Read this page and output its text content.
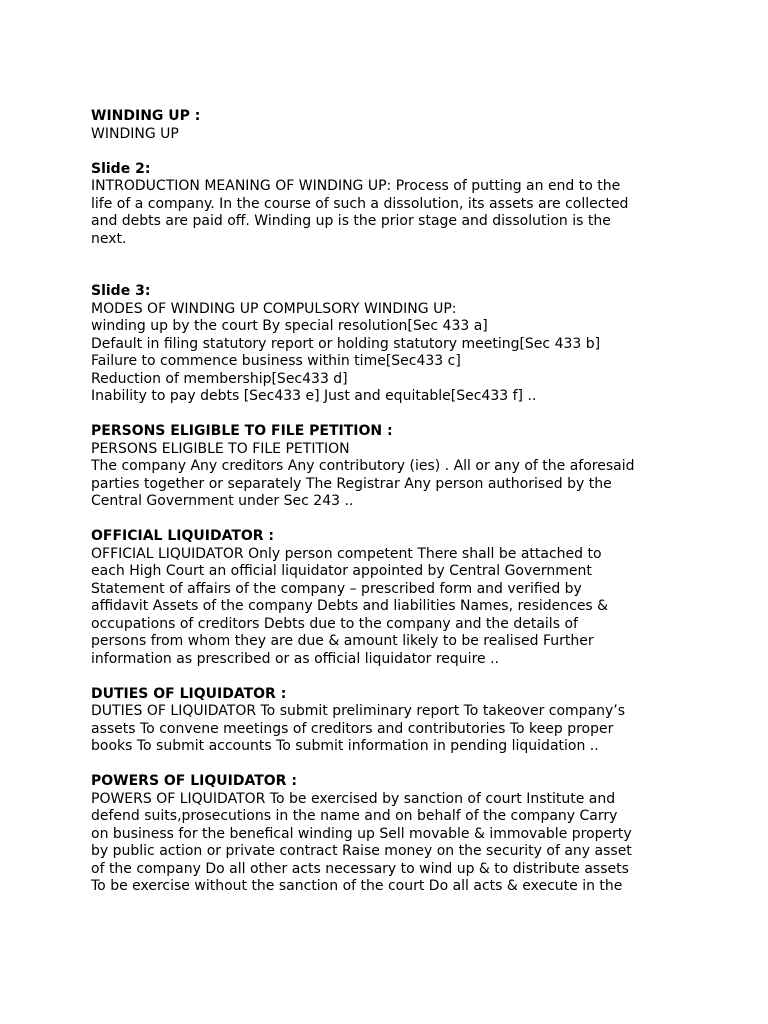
WINDING UP :
WINDING UP
Slide 2:
INTRODUCTION MEANING OF WINDING UP: Process of putting an end to the
life of a company. In the course of such a dissolution, its assets are collected
and debts are paid off. Winding up is the prior stage and dissolution is the
next.
Slide 3:
MODES OF WINDING UP COMPULSORY WINDING UP:
winding up by the court By special resolution[Sec 433 a]
Default in filing statutory report or holding statutory meeting[Sec 433 b]
Failure to commence business within time[Sec433 c]
Reduction of membership[Sec433 d]
Inability to pay debts [Sec433 e] Just and equitable[Sec433 f] ..
PERSONS ELIGIBLE TO FILE PETITION :
PERSONS ELIGIBLE TO FILE PETITION
The company Any creditors Any contributory (ies) . All or any of the aforesaid
parties together or separately The Registrar Any person authorised by the
Central Government under Sec 243 ..
OFFICIAL LIQUIDATOR :
OFFICIAL LIQUIDATOR Only person competent There shall be attached to
each High Court an official liquidator appointed by Central Government
Statement of affairs of the company – prescribed form and verified by
affidavit Assets of the company Debts and liabilities Names, residences &
occupations of creditors Debts due to the company and the details of
persons from whom they are due & amount likely to be realised Further
information as prescribed or as official liquidator require ..
DUTIES OF LIQUIDATOR :
DUTIES OF LIQUIDATOR To submit preliminary report To takeover company’s
assets To convene meetings of creditors and contributories To keep proper
books To submit accounts To submit information in pending liquidation ..
POWERS OF LIQUIDATOR :
POWERS OF LIQUIDATOR To be exercised by sanction of court Institute and
defend suits,prosecutions in the name and on behalf of the company Carry
on business for the benefical winding up Sell movable & immovable property
by public action or private contract Raise money on the security of any asset
of the company Do all other acts necessary to wind up & to distribute assets
To be exercise without the sanction of the court Do all acts & execute in the
